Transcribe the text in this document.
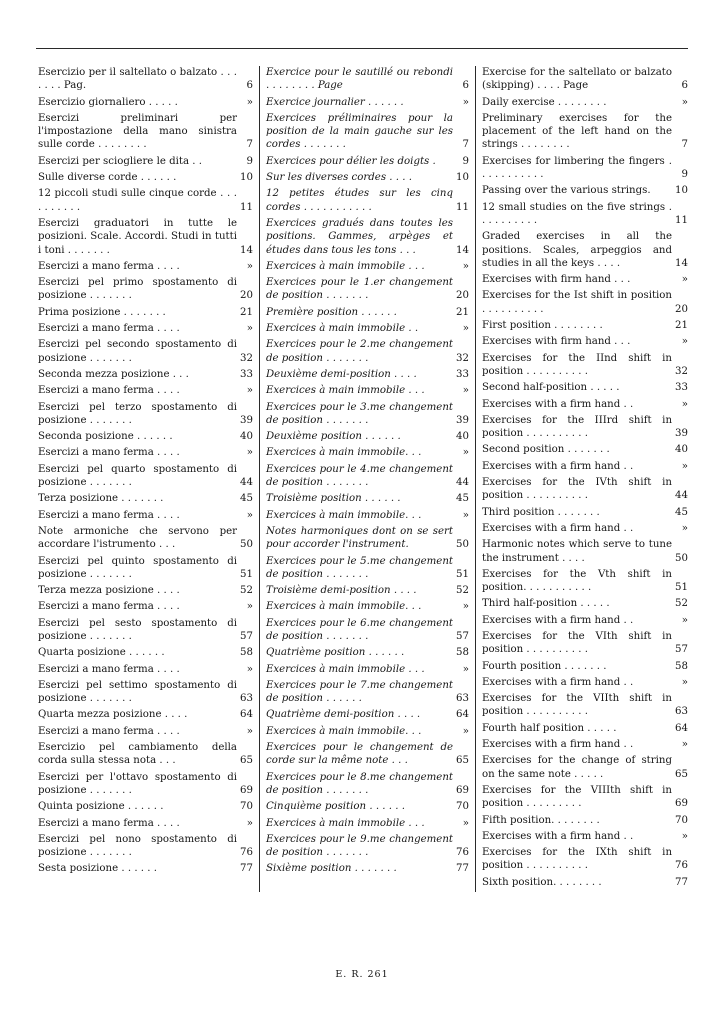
Esercizio per il saltellato o balzato . . . . . . . Pag.	6
Esercizio giornaliero . . . . .	»
Esercizi preliminari per l'impostazione della mano sinistra sulle corde . . . . . . . .	7
Esercizi per sciogliere le dita . .	9
Sulle diverse corde . . . . . .	10
12 piccoli studi sulle cinque corde . . . . . . . . . .	11
Esercizi graduatori in tutte le posizioni. Scale. Accordi. Studi in tutti i toni . . . . . . .	14
Esercizi a mano ferma . . . .	»
Esercizi pel primo spostamento di posizione . . . . . . .	20
Prima posizione . . . . . . .	21
Esercizi a mano ferma . . . .	»
Esercizi pel secondo spostamento di posizione . . . . . . .	32
Seconda mezza posizione . . .	33
Esercizi a mano ferma . . . .	»
Esercizi pel terzo spostamento di posizione . . . . . . .	39
Seconda posizione . . . . . .	40
Esercizi a mano ferma . . . .	»
Esercizi pel quarto spostamento di posizione . . . . . . .	44
Terza posizione . . . . . . .	45
Esercizi a mano ferma . . . .	»
Note armoniche che servono per accordare l'istrumento . . .	50
Esercizi pel quinto spostamento di posizione . . . . . . .	51
Terza mezza posizione . . . .	52
Esercizi a mano ferma . . . .	»
Esercizi pel sesto spostamento di posizione . . . . . . .	57
Quarta posizione . . . . . .	58
Esercizi a mano ferma . . . .	»
Esercizi pel settimo spostamento di posizione . . . . . . .	63
Quarta mezza posizione . . . .	64
Esercizi a mano ferma . . . .	»
Esercizio pel cambiamento della corda sulla stessa nota . . .	65
Esercizi per l'ottavo spostamento di posizione . . . . . . .	69
Quinta posizione . . . . . .	70
Esercizi a mano ferma . . . .	»
Esercizi pel nono spostamento di posizione . . . . . . .	76
Sesta posizione . . . . . .	77
Exercice pour le sautillé ou rebondi . . . . . . . . Page	6
Exercice journalier . . . . . .	»
Exercices préliminaires pour la position de la main gauche sur les cordes . . . . . . .	7
Exercices pour délier les doigts .	9
Sur les diverses cordes . . . .	10
12 petites études sur les cinq cordes . . . . . . . . . . .	11
Exercices gradués dans toutes les positions. Gammes, arpèges et études dans tous les tons . . .	14
Exercices à main immobile . . .	»
Exercices pour le 1.er changement de position . . . . . . .	20
Première position . . . . . .	21
Exercices à main immobile . .	»
Exercices pour le 2.me changement de position . . . . . . .	32
Deuxième demi-position . . . .	33
Exercices à main immobile . . .	»
Exercices pour le 3.me changement de position . . . . . . .	39
Deuxième position . . . . . .	40
Exercices à main immobile. . .	»
Exercices pour le 4.me changement de position . . . . . . .	44
Troisième position . . . . . .	45
Exercices à main immobile. . .	»
Notes harmoniques dont on se sert pour accorder l'instrument.	50
Exercices pour le 5.me changement de position . . . . . . .	51
Troisième demi-position . . . .	52
Exercices à main immobile. . .	»
Exercices pour le 6.me changement de position . . . . . . .	57
Quatrième position . . . . . .	58
Exercices à main immobile . . .	»
Exercices pour le 7.me changement de position . . . . . .	63
Quatrième demi-position . . . .	64
Exercices à main immobile. . .	»
Exercices pour le changement de corde sur la même note . . .	65
Exercices pour le 8.me changement de position . . . . . . .	69
Cinquième position . . . . . .	70
Exercices à main immobile . . .	»
Exercices pour le 9.me changement de position . . . . . . .	76
Sixième position . . . . . . .	77
Exercise for the saltellato or balzato (skipping) . . . . Page	6
Daily exercise . . . . . . . .	»
Preliminary exercises for the placement of the left hand on the strings . . . . . . . .	7
Exercises for limbering the fingers . . . . . . . . . . .	9
Passing over the various strings.	10
12 small studies on the five strings . . . . . . . . . .	11
Graded exercises in all the positions. Scales, arpeggios and studies in all the keys . . . .	14
Exercises with firm hand . . .	»
Exercises for the Ist shift in position . . . . . . . . . .	20
First position . . . . . . . .	21
Exercises with firm hand . . .	»
Exercises for the IInd shift in position . . . . . . . . . .	32
Second half-position . . . . .	33
Exercises with a firm hand . .	»
Exercises for the IIIrd shift in position . . . . . . . . . .	39
Second position . . . . . . .	40
Exercises with a firm hand . .	»
Exercises for the IVth shift in position . . . . . . . . . .	44
Third position . . . . . . .	45
Exercises with a firm hand . .	»
Harmonic notes which serve to tune the instrument . . . .	50
Exercises for the Vth shift in position. . . . . . . . . . .	51
Third half-position . . . . .	52
Exercises with a firm hand . .	»
Exercises for the VIth shift in position . . . . . . . . . .	57
Fourth position . . . . . . .	58
Exercises with a firm hand . .	»
Exercises for the VIIth shift in position . . . . . . . . . .	63
Fourth half position . . . . .	64
Exercises with a firm hand . .	»
Exercises for the change of string on the same note . . . . .	65
Exercises for the VIIIth shift in position . . . . . . . . .	69
Fifth position. . . . . . . .	70
Exercises with a firm hand . .	»
Exercises for the IXth shift in position . . . . . . . . . .	76
Sixth position. . . . . . . .	77
E. R. 261
